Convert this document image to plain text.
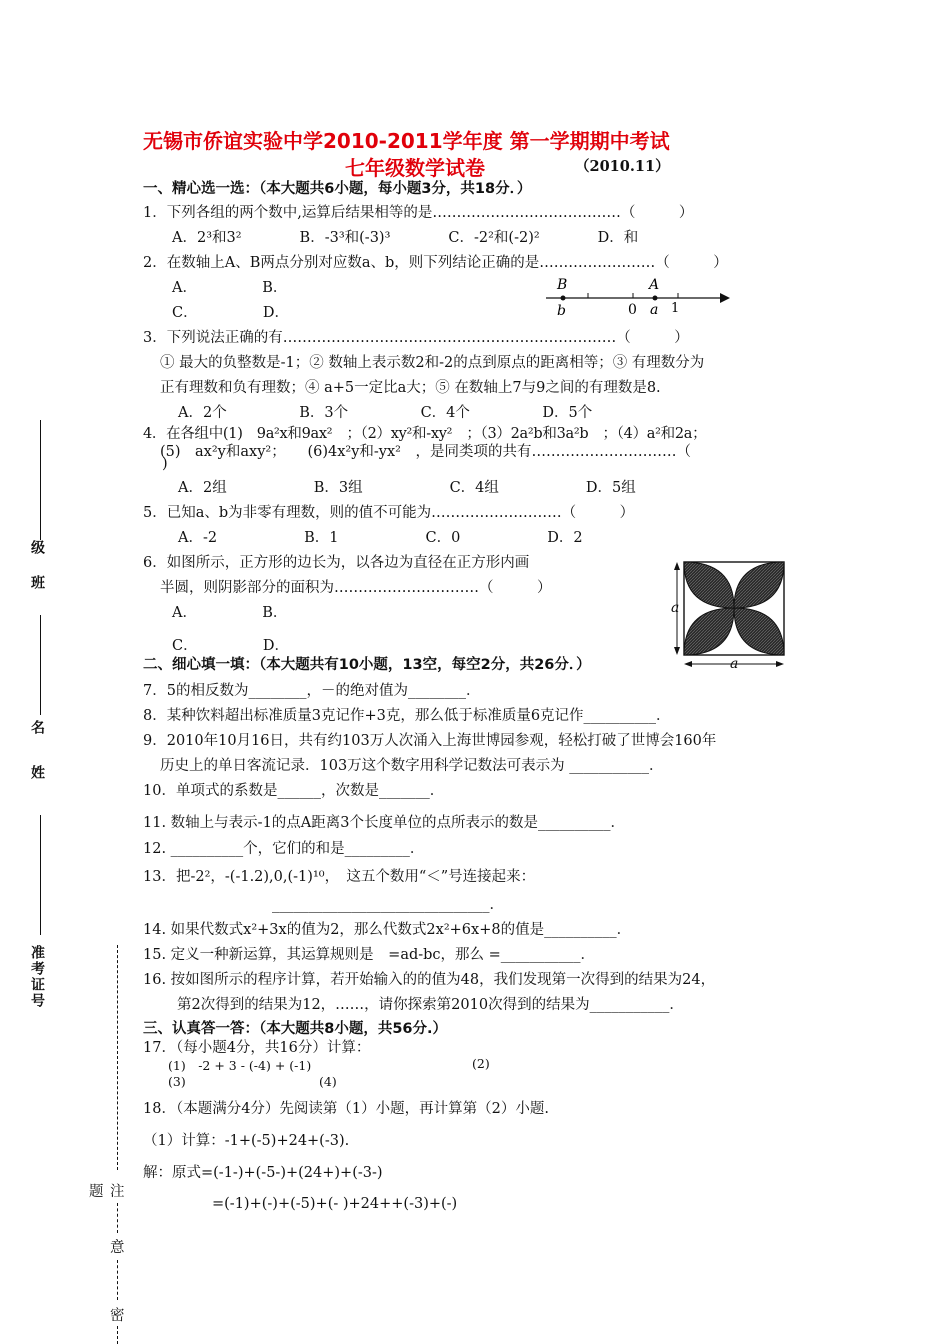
无锡市侨谊实验中学2010-2011学年度 第一学期期中考试
七年级数学试卷	（2010.11）
级
班
名
姓
准考证号
题 注
意
密
一、精心选一选：（本大题共6小题，每小题3分，共18分．）
1．下列各组的两个数中,运算后结果相等的是…………………………………（　　　）
A．2³和3²　　　　B．-3³和(-3)³　　　　C．-2²和(-2)²　　　　D．和
2．在数轴上A、B两点分别对应数a、b，则下列结论正确的是……………………（　　　）
A．　　　　　B．
C．　　　　　D．
B	A
b	0 a 1
3．下列说法正确的有……………………………………………………………（　　　）
① 最大的负整数是-1；② 数轴上表示数2和-2的点到原点的距离相等；③ 有理数分为
正有理数和负有理数；④ a+5一定比a大；⑤ 在数轴上7与9之间的有理数是8.
A．2个　　　　　B．3个　　　　　C．4个　　　　　D．5个
4．在各组中(1)　9a²x和9ax²　；（2）xy²和-xy²　；（3）2a²b和3a²b　；（4）a²和2a；
(5)　ax²y和axy²；　　(6)4x²y和-yx²　，是同类项的共有…………………………（
)
A．2组　　　　　　B．3组　　　　　　C．4组　　　　　　D．5组
5．已知a、b为非零有理数，则的值不可能为………………………（　　　）
A．-2　　　　　　B．1　　　　　　C．0　　　　　　D．2
6．如图所示，正方形的边长为，以各边为直径在正方形内画
半圆，则阴影部分的面积为…………………………（　　　）
A．　　　　　B．
C．　　　　　D．
a
a
二、细心填一填：（本大题共有10小题，13空，每空2分，共26分．）
7．5的相反数为________，－的绝对值为________．
8．某种饮料超出标准质量3克记作+3克，那么低于标准质量6克记作__________．
9．2010年10月16日，共有约103万人次涌入上海世博园参观，轻松打破了世博会160年
历史上的单日客流记录．103万这个数字用科学记数法可表示为 ___________．
10．单项式的系数是______，次数是_______．
11. 数轴上与表示-1的点A距离3个长度单位的点所表示的数是__________．
12. __________个，它们的和是_________．
13．把-2²，-(-1.2),0,(-1)¹⁰，　这五个数用“＜”号连接起来：
______________________________．
14. 如果代数式x²+3x的值为2，那么代数式2x²+6x+8的值是__________．
15. 定义一种新运算，其运算规则是　=ad-bc，那么 =___________．
16. 按如图所示的程序计算，若开始输入的的值为48，我们发现第一次得到的结果为24，
第2次得到的结果为12，……，请你探索第2010次得到的结果为___________．
三、认真答一答：（本大题共8小题，共56分.）
17．（每小题4分，共16分）计算：
(1)　-2 + 3 - (-4) + (-1)	(2)
(3)	(4)
18．（本题满分4分）先阅读第（1）小题，再计算第（2）小题.
（1）计算：-1+(-5)+24+(-3).
解：原式=(-1-)+(-5-)+(24+)+(-3-)
=(-1)+(-)+(-5)+(- )+24++(-3)+(-)
